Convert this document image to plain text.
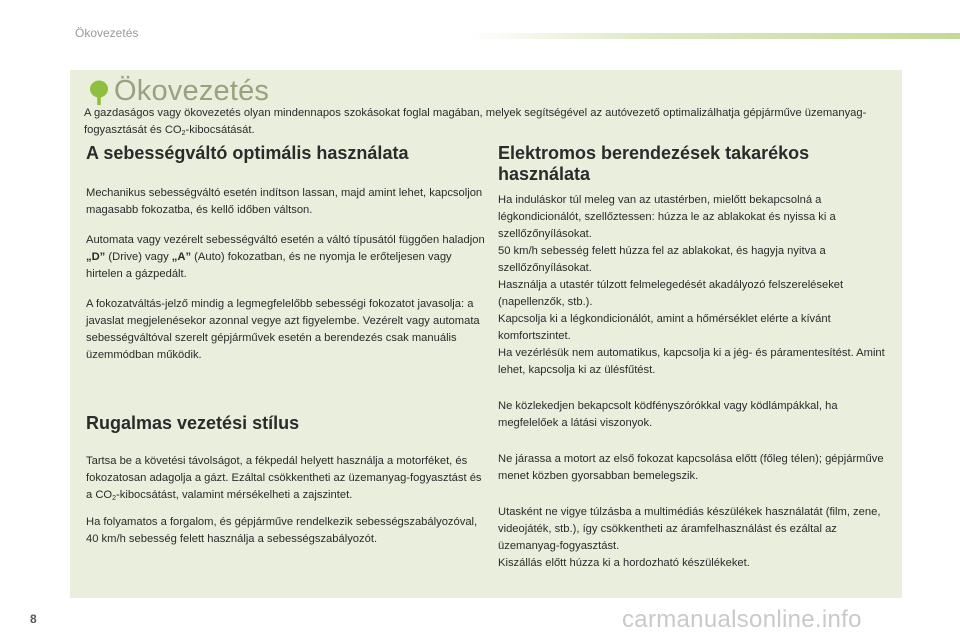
Ökovezetés
Ökovezetés

A gazdaságos vagy ökovezetés olyan mindennapos szokásokat foglal magában, melyek segítségével az autóvezető optimalizálhatja gépjárműve üzemanyag-fogyasztását és $CO_2$-kibocsátását.

A sebességváltó optimális használata

Mechanikus sebességváltó esetén indítson lassan, majd amint lehet, kapcsoljon magasabb fokozatba, és kellő időben váltson.

Automata vagy vezérelt sebességváltó esetén a váltó típusától függően haladjon „D” (Drive) vagy „A” (Auto) fokozatban, és ne nyomja le erőteljesen vagy hirtelen a gázpedált.

A fokozatváltás-jelző mindig a legmegfelelőbb sebességi fokozatot javasolja: a javaslat megjelenésekor azonnal vegye azt figyelembe. Vezérelt vagy automata sebességváltóval szerelt gépjárművek esetén a berendezés csak manuális üzemmódban működik.

Rugalmas vezetési stílus

Tartsa be a követési távolságot, a fékpedál helyett használja a motorféket, és fokozatosan adagolja a gázt. Ezáltal csökkentheti az üzemanyag-fogyasztást és a $CO_2$-kibocsátást, valamint mérsékelheti a zajszintet.

Ha folyamatos a forgalom, és gépjárműve rendelkezik sebességszabályozóval, 40 km/h sebesség felett használja a sebességszabályozót.

Elektromos berendezések takarékos használata

Ha induláskor túl meleg van az utastérben, mielőtt bekapcsolná a légkondicionálót, szellőztessen: húzza le az ablakokat és nyissa ki a szellőzőnyílásokat.
50 km/h sebesség felett húzza fel az ablakokat, és hagyja nyitva a szellőzőnyílásokat.
Használja a utastér túlzott felmelegedését akadályozó felszereléseket (napellenzők, stb.).
Kapcsolja ki a légkondicionálót, amint a hőmérséklet elérte a kívánt komfortszintet.
Ha vezérlésük nem automatikus, kapcsolja ki a jég- és páramentesítést. Amint lehet, kapcsolja ki az ülésfűtést.

Ne közlekedjen bekapcsolt ködfényszórókkal vagy ködlámpákkal, ha megfelelőek a látási viszonyok.

Ne járassa a motort az első fokozat kapcsolása előtt (főleg télen); gépjárműve menet közben gyorsabban bemelegszik.

Utasként ne vigye túlzásba a multimédiás készülékek használatát (film, zene, videojáték, stb.), így csökkentheti az áramfelhasználást és ezáltal az üzemanyag-fogyasztást.
Kiszállás előtt húzza ki a hordozható készülékeket.

8	carmanualsonline.info
